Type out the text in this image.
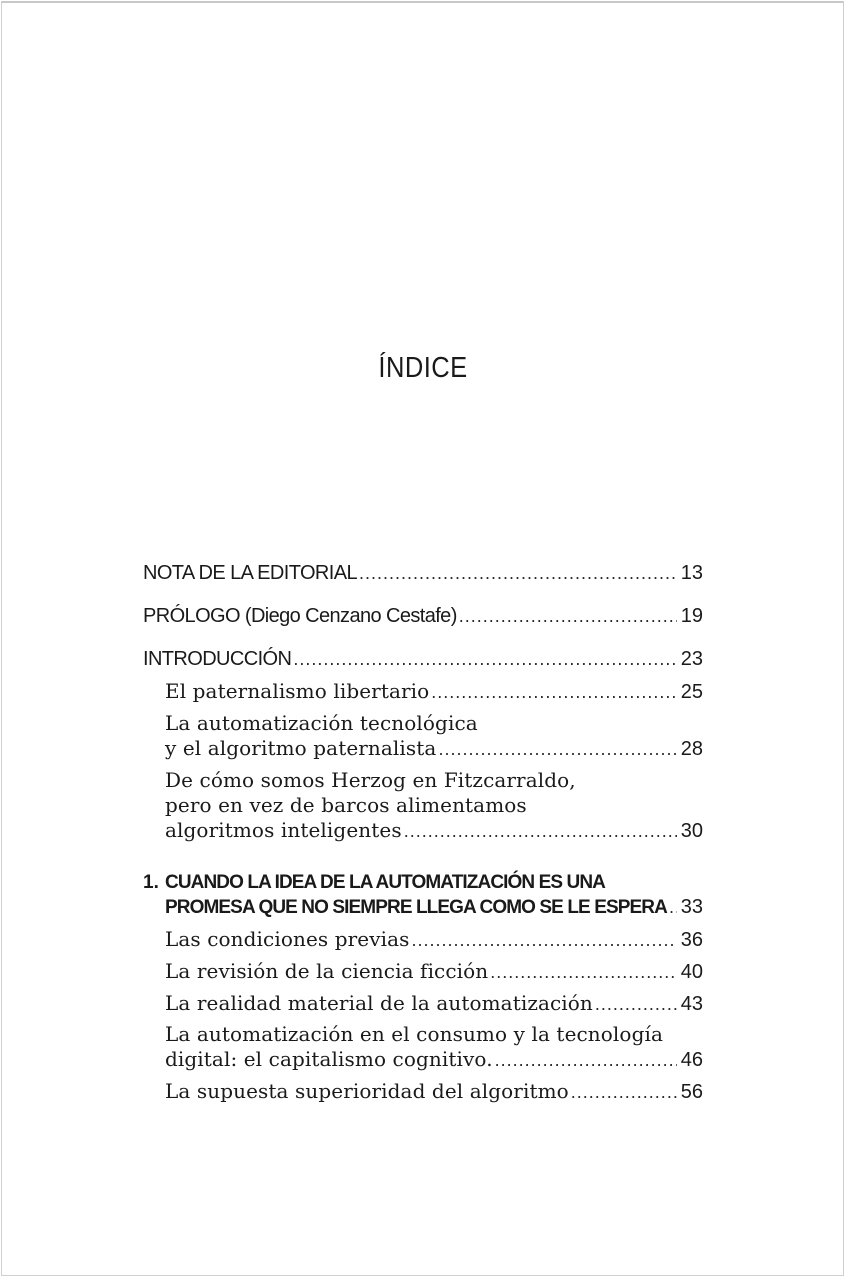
ÍNDICE
NOTA DE LA EDITORIAL .....	13
PRÓLOGO (Diego Cenzano Cestafe) .....	19
INTRODUCCIÓN .....	23
El paternalismo libertario .....	25
La automatización tecnológica
y el algoritmo paternalista .....	28
De cómo somos Herzog en Fitzcarraldo,
pero en vez de barcos alimentamos
algoritmos inteligentes .....	30
1. CUANDO LA IDEA DE LA AUTOMATIZACIÓN ES UNA
PROMESA QUE NO SIEMPRE LLEGA COMO SE LE ESPERA ..... 33
Las condiciones previas .....	36
La revisión de la ciencia ficción .....	40
La realidad material de la automatización .....	43
La automatización en el consumo y la tecnología
digital: el capitalismo cognitivo. .....	46
La supuesta superioridad del algoritmo .....	56
